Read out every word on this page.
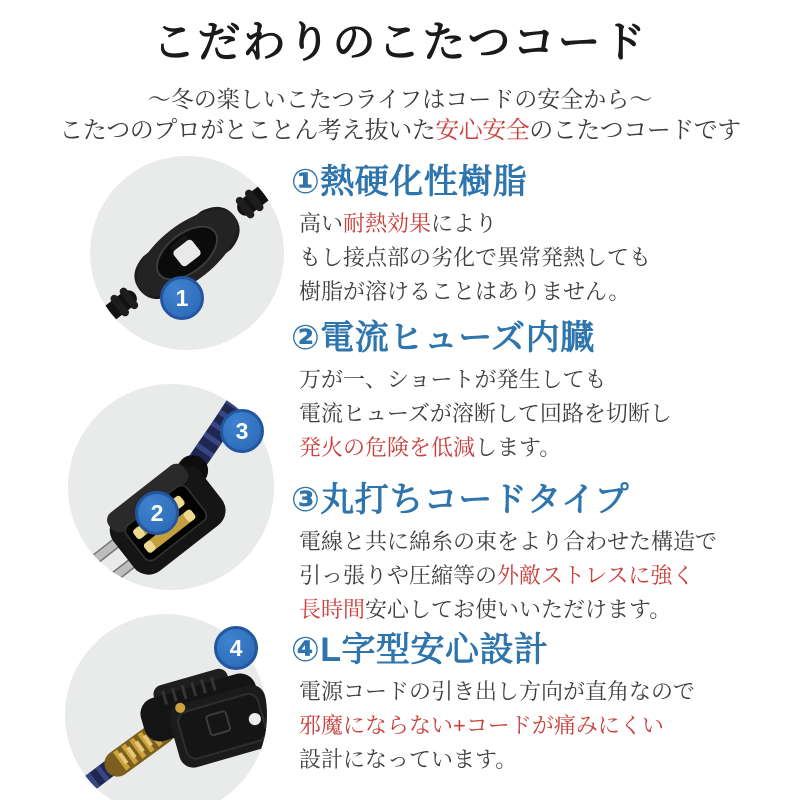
こだわりのこたつコード
～冬の楽しいこたつライフはコードの安全から～
こたつのプロがとことん考え抜いた安心安全のこたつコードです
1
2
3
4
①熱硬化性樹脂

高い耐熱効果により

もし接点部の劣化で異常発熱しても

樹脂が溶けることはありません。

②電流ヒューズ内臓

万が一、ショートが発生しても

電流ヒューズが溶断して回路を切断し

発火の危険を低減します。

③丸打ちコードタイプ

電線と共に綿糸の束をより合わせた構造で

引っ張りや圧縮等の外敵ストレスに強く

長時間安心してお使いいただけます。

④L字型安心設計

電源コードの引き出し方向が直角なので

邪魔にならない+コードが痛みにくい

設計になっています。
